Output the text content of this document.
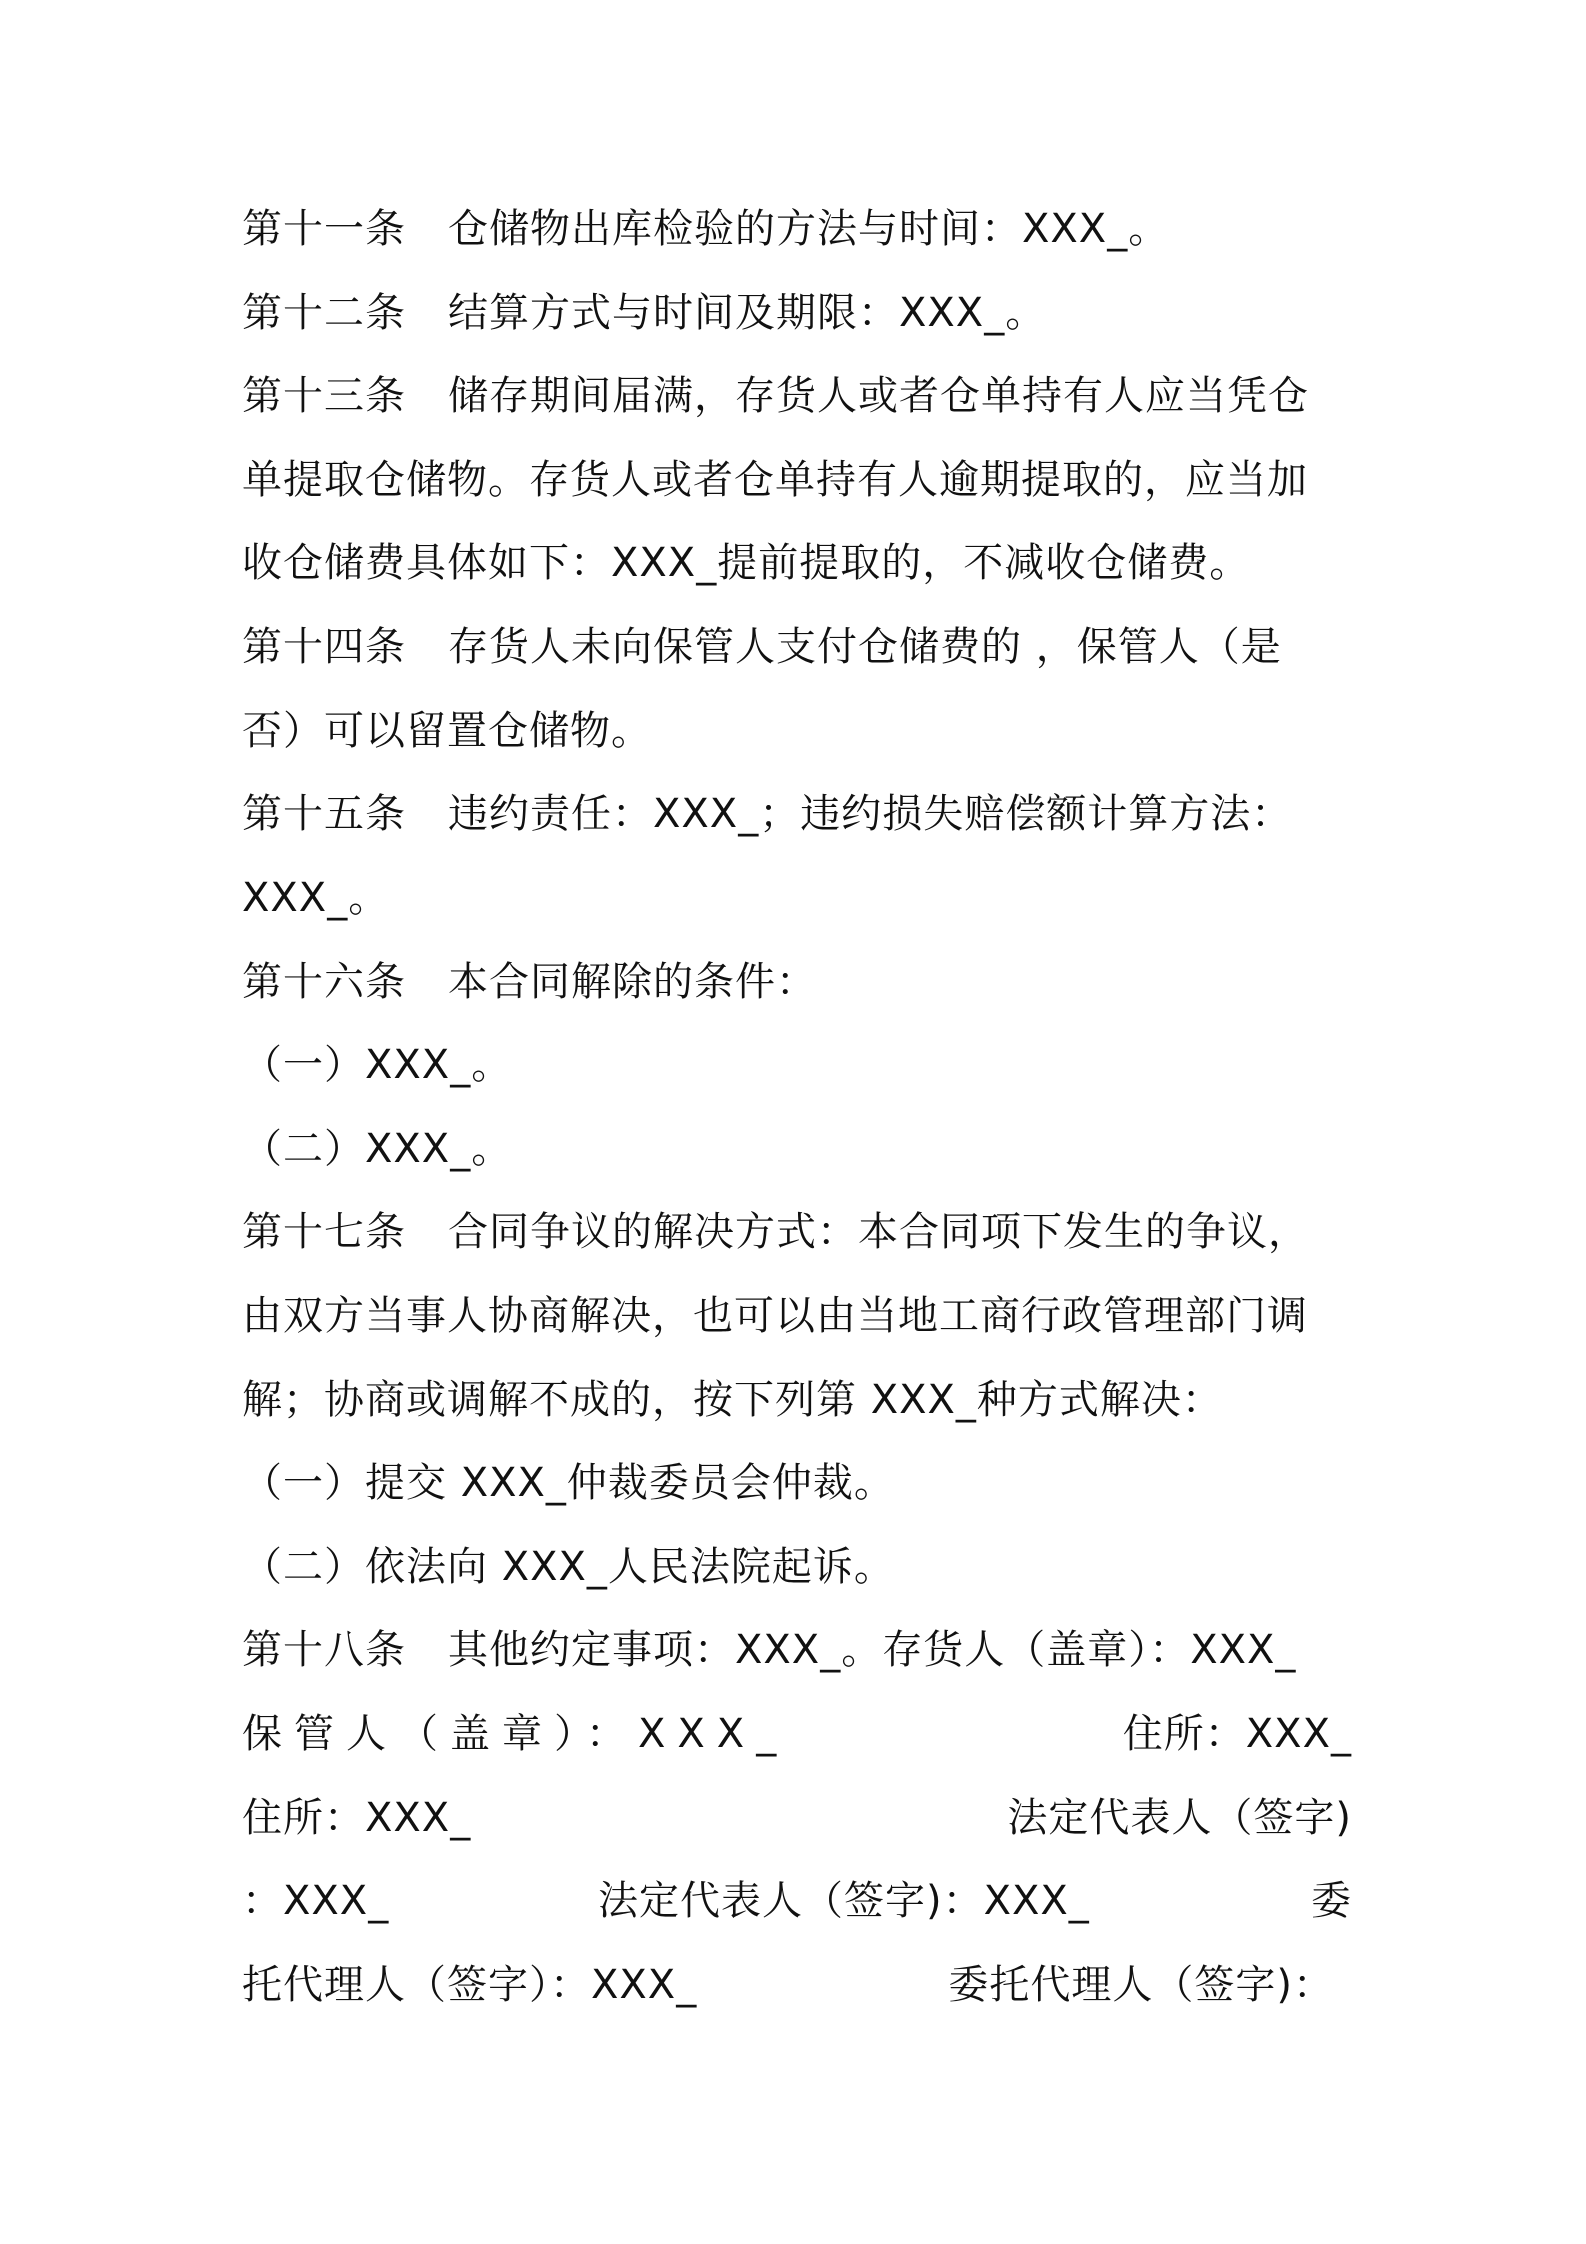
第十一条 仓储物出库检验的方法与时间：XXX_。
第十二条 结算方式与时间及期限：XXX_。
第十三条 储存期间届满，存货人或者仓单持有人应当凭仓
单提取仓储物。存货人或者仓单持有人逾期提取的，应当加
收仓储费具体如下：XXX_提前提取的，不减收仓储费。
第十四条 存货人未向保管人支付仓储费的 ，保管人（是
否）可以留置仓储物。
第十五条 违约责任：XXX_；违约损失赔偿额计算方法：
XXX_。
第十六条 本合同解除的条件：
（一）XXX_。
（二）XXX_。
第十七条 合同争议的解决方式：本合同项下发生的争议，
由双方当事人协商解决，也可以由当地工商行政管理部门调
解；协商或调解不成的，按下列第 XXX_种方式解决：
（一）提交 XXX_仲裁委员会仲裁。
（二）依法向 XXX_人民法院起诉。
第十八条 其他约定事项：XXX_。存货人（盖章）：XXX_
保管人（盖章）：XXX_	住所：XXX_
住所：XXX_	法定代表人（签字)
：XXX_	法定代表人（签字)：XXX_	委
托代理人（签字）：XXX_	委托代理人（签字)：
